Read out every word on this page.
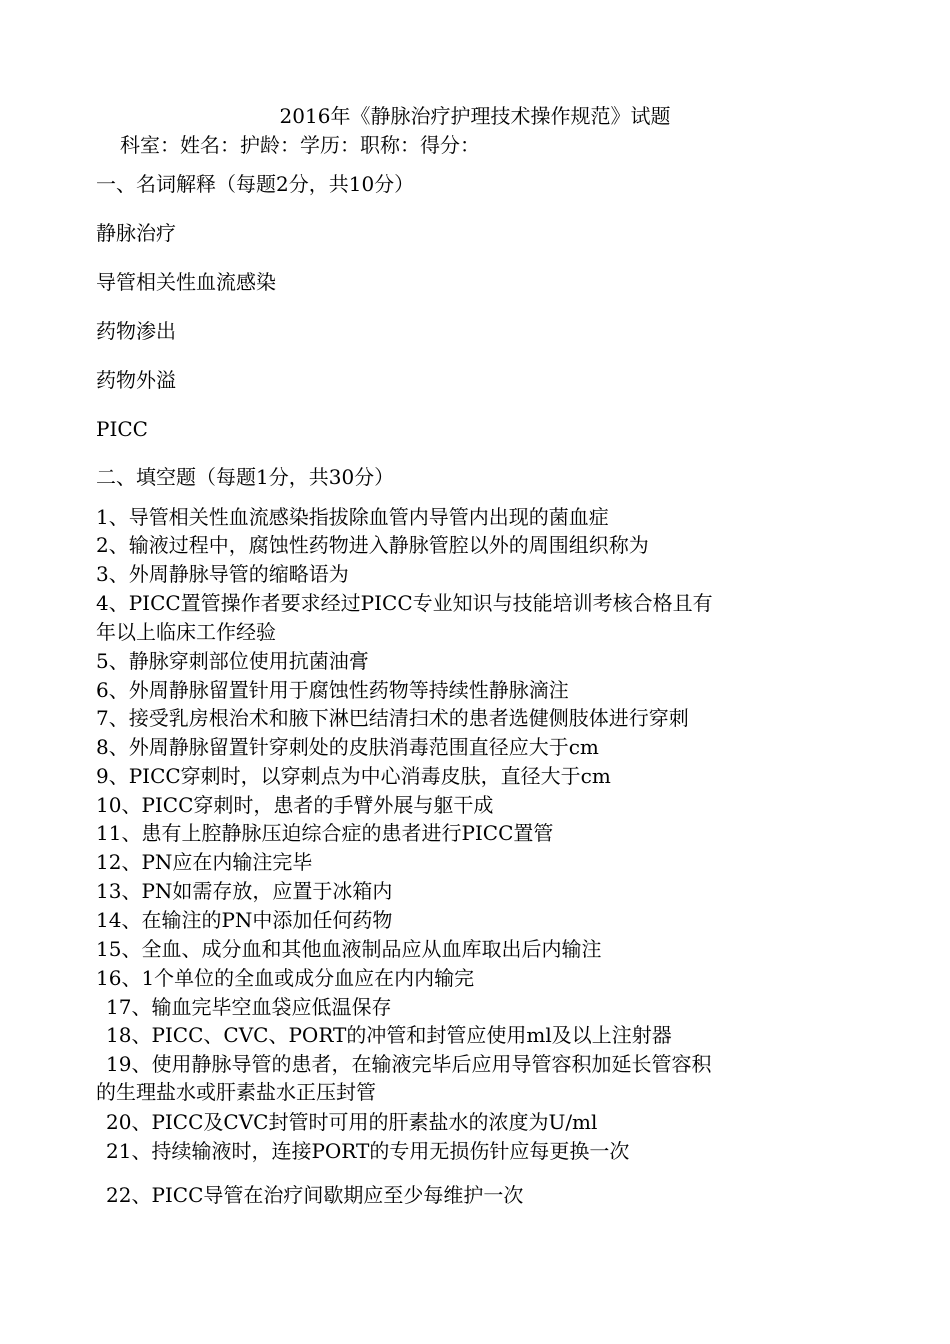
2016年《静脉治疗护理技术操作规范》试题
科室：姓名：护龄：学历：职称：得分：
一、名词解释（每题2分，共10分）
静脉治疗
导管相关性血流感染
药物渗出
药物外溢
PICC
二、填空题（每题1分，共30分）
1、导管相关性血流感染指拔除血管内导管内出现的菌血症
2、输液过程中，腐蚀性药物进入静脉管腔以外的周围组织称为
3、外周静脉导管的缩略语为
4、PICC置管操作者要求经过PICC专业知识与技能培训考核合格且有
年以上临床工作经验
5、静脉穿刺部位使用抗菌油膏
6、外周静脉留置针用于腐蚀性药物等持续性静脉滴注
7、接受乳房根治术和腋下淋巴结清扫术的患者选健侧肢体进行穿刺
8、外周静脉留置针穿刺处的皮肤消毒范围直径应大于cm
9、PICC穿刺时，以穿刺点为中心消毒皮肤，直径大于cm
10、PICC穿刺时，患者的手臂外展与躯干成
11、患有上腔静脉压迫综合症的患者进行PICC置管
12、PN应在内输注完毕
13、PN如需存放，应置于冰箱内
14、在输注的PN中添加任何药物
15、全血、成分血和其他血液制品应从血库取出后内输注
16、1个单位的全血或成分血应在内内输完
17、输血完毕空血袋应低温保存
18、PICC、CVC、PORT的冲管和封管应使用ml及以上注射器
19、使用静脉导管的患者，在输液完毕后应用导管容积加延长管容积
的生理盐水或肝素盐水正压封管
20、PICC及CVC封管时可用的肝素盐水的浓度为U/ml
21、持续输液时，连接PORT的专用无损伤针应每更换一次
22、PICC导管在治疗间歇期应至少每维护一次
